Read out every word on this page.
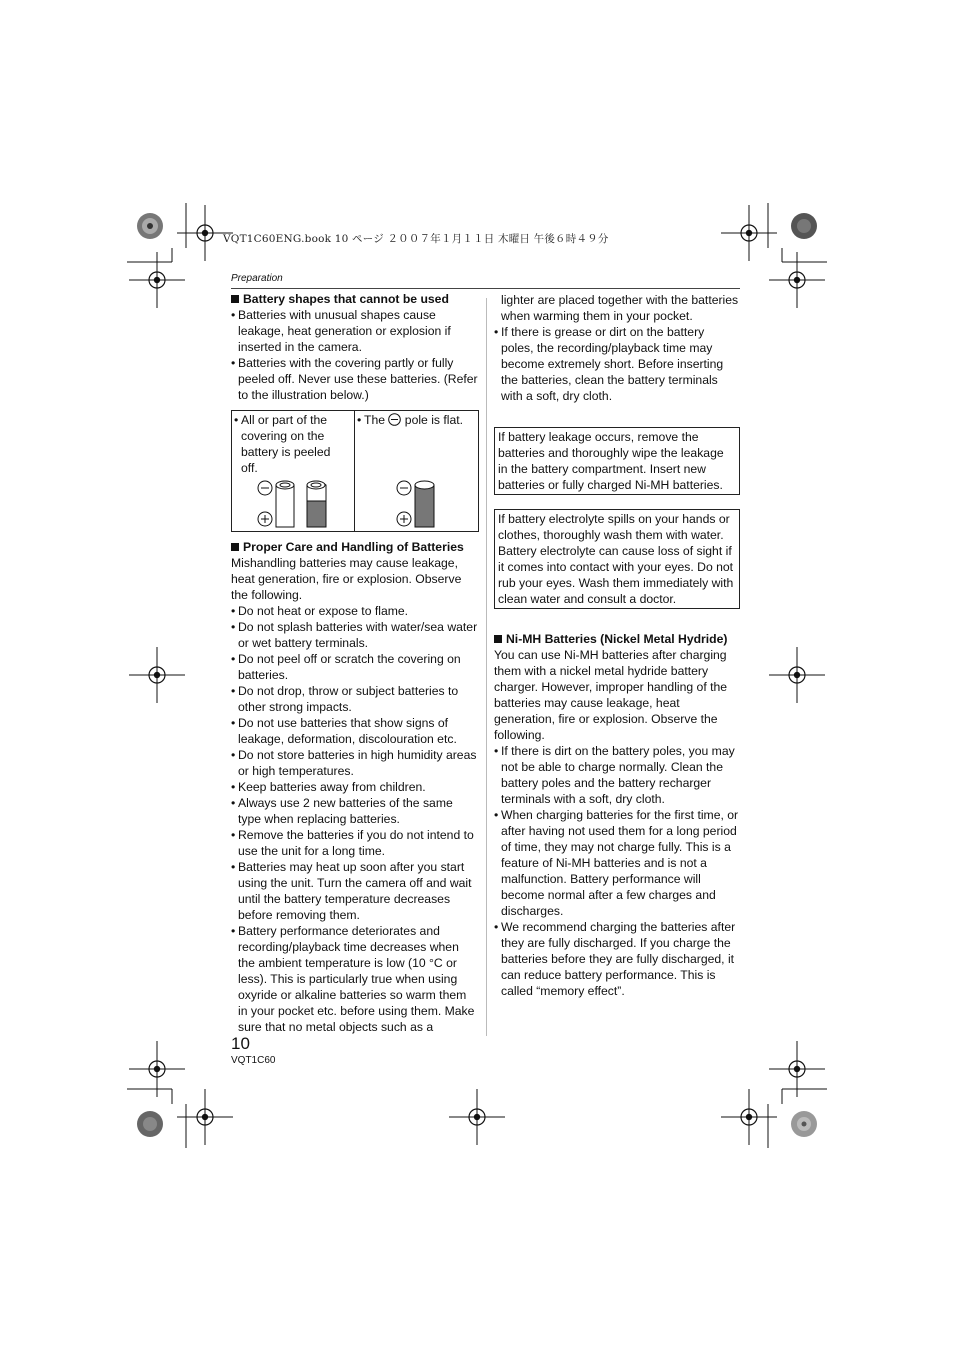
VQT1C60ENG.book 10 ページ ２００７年１月１１日 木曜日 午後６時４９分
Preparation

Battery shapes that cannot be used

• Batteries with unusual shapes cause leakage, heat generation or explosion if inserted in the camera.

• Batteries with the covering partly or fully peeled off. Never use these batteries. (Refer to the illustration below.)

• All or part of the covering on the battery is peeled off.

• The pole is flat.

Proper Care and Handling of Batteries

Mishandling batteries may cause leakage, heat generation, fire or explosion. Observe the following.

• Do not heat or expose to flame.

• Do not splash batteries with water/sea water or wet battery terminals.

• Do not peel off or scratch the covering on batteries.

• Do not drop, throw or subject batteries to other strong impacts.

• Do not use batteries that show signs of leakage, deformation, discolouration etc.

• Do not store batteries in high humidity areas or high temperatures.

• Keep batteries away from children.

• Always use 2 new batteries of the same type when replacing batteries.

• Remove the batteries if you do not intend to use the unit for a long time.

• Batteries may heat up soon after you start using the unit. Turn the camera off and wait until the battery temperature decreases before removing them.

• Battery performance deteriorates and recording/playback time decreases when the ambient temperature is low (10 °C or less). This is particularly true when using oxyride or alkaline batteries so warm them in your pocket etc. before using them. Make sure that no metal objects such as a

lighter are placed together with the batteries when warming them in your pocket.

• If there is grease or dirt on the battery poles, the recording/playback time may become extremely short. Before inserting the batteries, clean the battery terminals with a soft, dry cloth.

If battery leakage occurs, remove the batteries and thoroughly wipe the leakage in the battery compartment. Insert new batteries or fully charged Ni-MH batteries.
If battery electrolyte spills on your hands or clothes, thoroughly wash them with water. Battery electrolyte can cause loss of sight if it comes into contact with your eyes. Do not rub your eyes. Wash them immediately with clean water and consult a doctor.

Ni-MH Batteries (Nickel Metal Hydride)

You can use Ni-MH batteries after charging them with a nickel metal hydride battery charger. However, improper handling of the batteries may cause leakage, heat generation, fire or explosion. Observe the following.

• If there is dirt on the battery poles, you may not be able to charge normally. Clean the battery poles and the battery recharger terminals with a soft, dry cloth.

• When charging batteries for the first time, or after having not used them for a long period of time, they may not charge fully. This is a feature of Ni-MH batteries and is not a malfunction. Battery performance will become normal after a few charges and discharges.

• We recommend charging the batteries after they are fully discharged. If you charge the batteries before they are fully discharged, it can reduce battery performance. This is called “memory effect”.

10
VQT1C60
